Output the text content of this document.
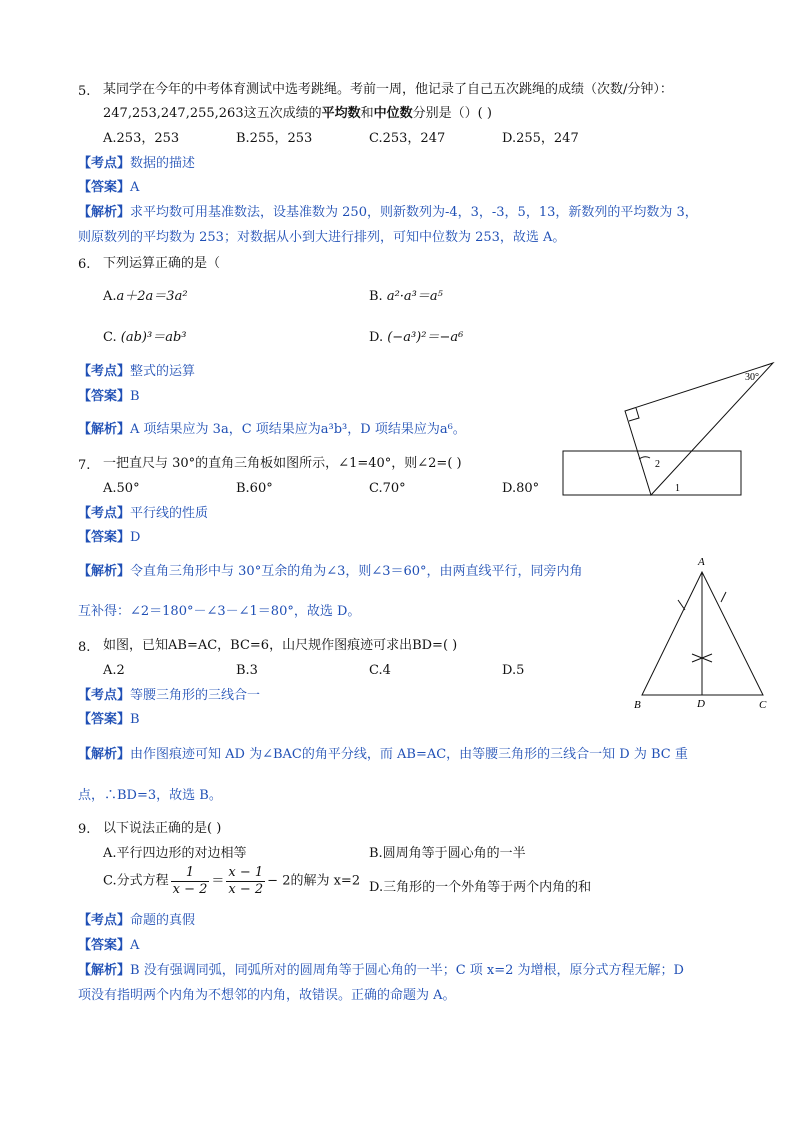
5. 某同学在今年的中考体育测试中选考跳绳。考前一周，他记录了自己五次跳绳的成绩（次数/分钟）：
247,253,247,255,263这五次成绩的平均数和中位数分别是（）( )
A.253，253	B.255，253	C.253，247	D.255，247
【考点】数据的描述
【答案】A
【解析】求平均数可用基准数法，设基准数为 250，则新数列为-4，3，-3，5，13，新数列的平均数为 3，
则原数列的平均数为 253；对数据从小到大进行排列，可知中位数为 253，故选 A。
6. 下列运算正确的是（
A.a＋2a＝3a²	B. a²·a³＝a⁵
C. (ab)³＝ab³	D. (−a³)²＝−a⁶
【考点】整式的运算
【答案】B
【解析】A 项结果应为 3a，C 项结果应为a³b³，D 项结果应为a⁶。
30°
2
1
7. 一把直尺与 30°的直角三角板如图所示，∠1=40°，则∠2=( )
A.50°	B.60°	C.70°	D.80°
【考点】平行线的性质
【答案】D
【解析】令直角三角形中与 30°互余的角为∠3，则∠3＝60°，由两直线平行，同旁内角
互补得：∠2＝180°－∠3－∠1＝80°，故选 D。
A
B	C
D
8. 如图，已知AB=AC，BC=6，山尺规作图痕迹可求出BD=( )
A.2	B.3	C.4	D.5
【考点】等腰三角形的三线合一
【答案】B
【解析】由作图痕迹可知 AD 为∠BAC的角平分线，而 AB=AC，由等腰三角形的三线合一知 D 为 BC 重
点，∴BD=3，故选 B。
9. 以下说法正确的是( )
A.平行四边形的对边相等	B.圆周角等于圆心角的一半
C.分式方程 $\frac{1}{x - 2} = \frac{x - 1}{x - 2} - 2$的解为 x=2 D.三角形的一个外角等于两个内角的和
【考点】命题的真假
【答案】A
【解析】B 没有强调同弧，同弧所对的圆周角等于圆心角的一半；C 项 x=2 为增根，原分式方程无解；D
项没有指明两个内角为不想邻的内角，故错误。正确的命题为 A。
